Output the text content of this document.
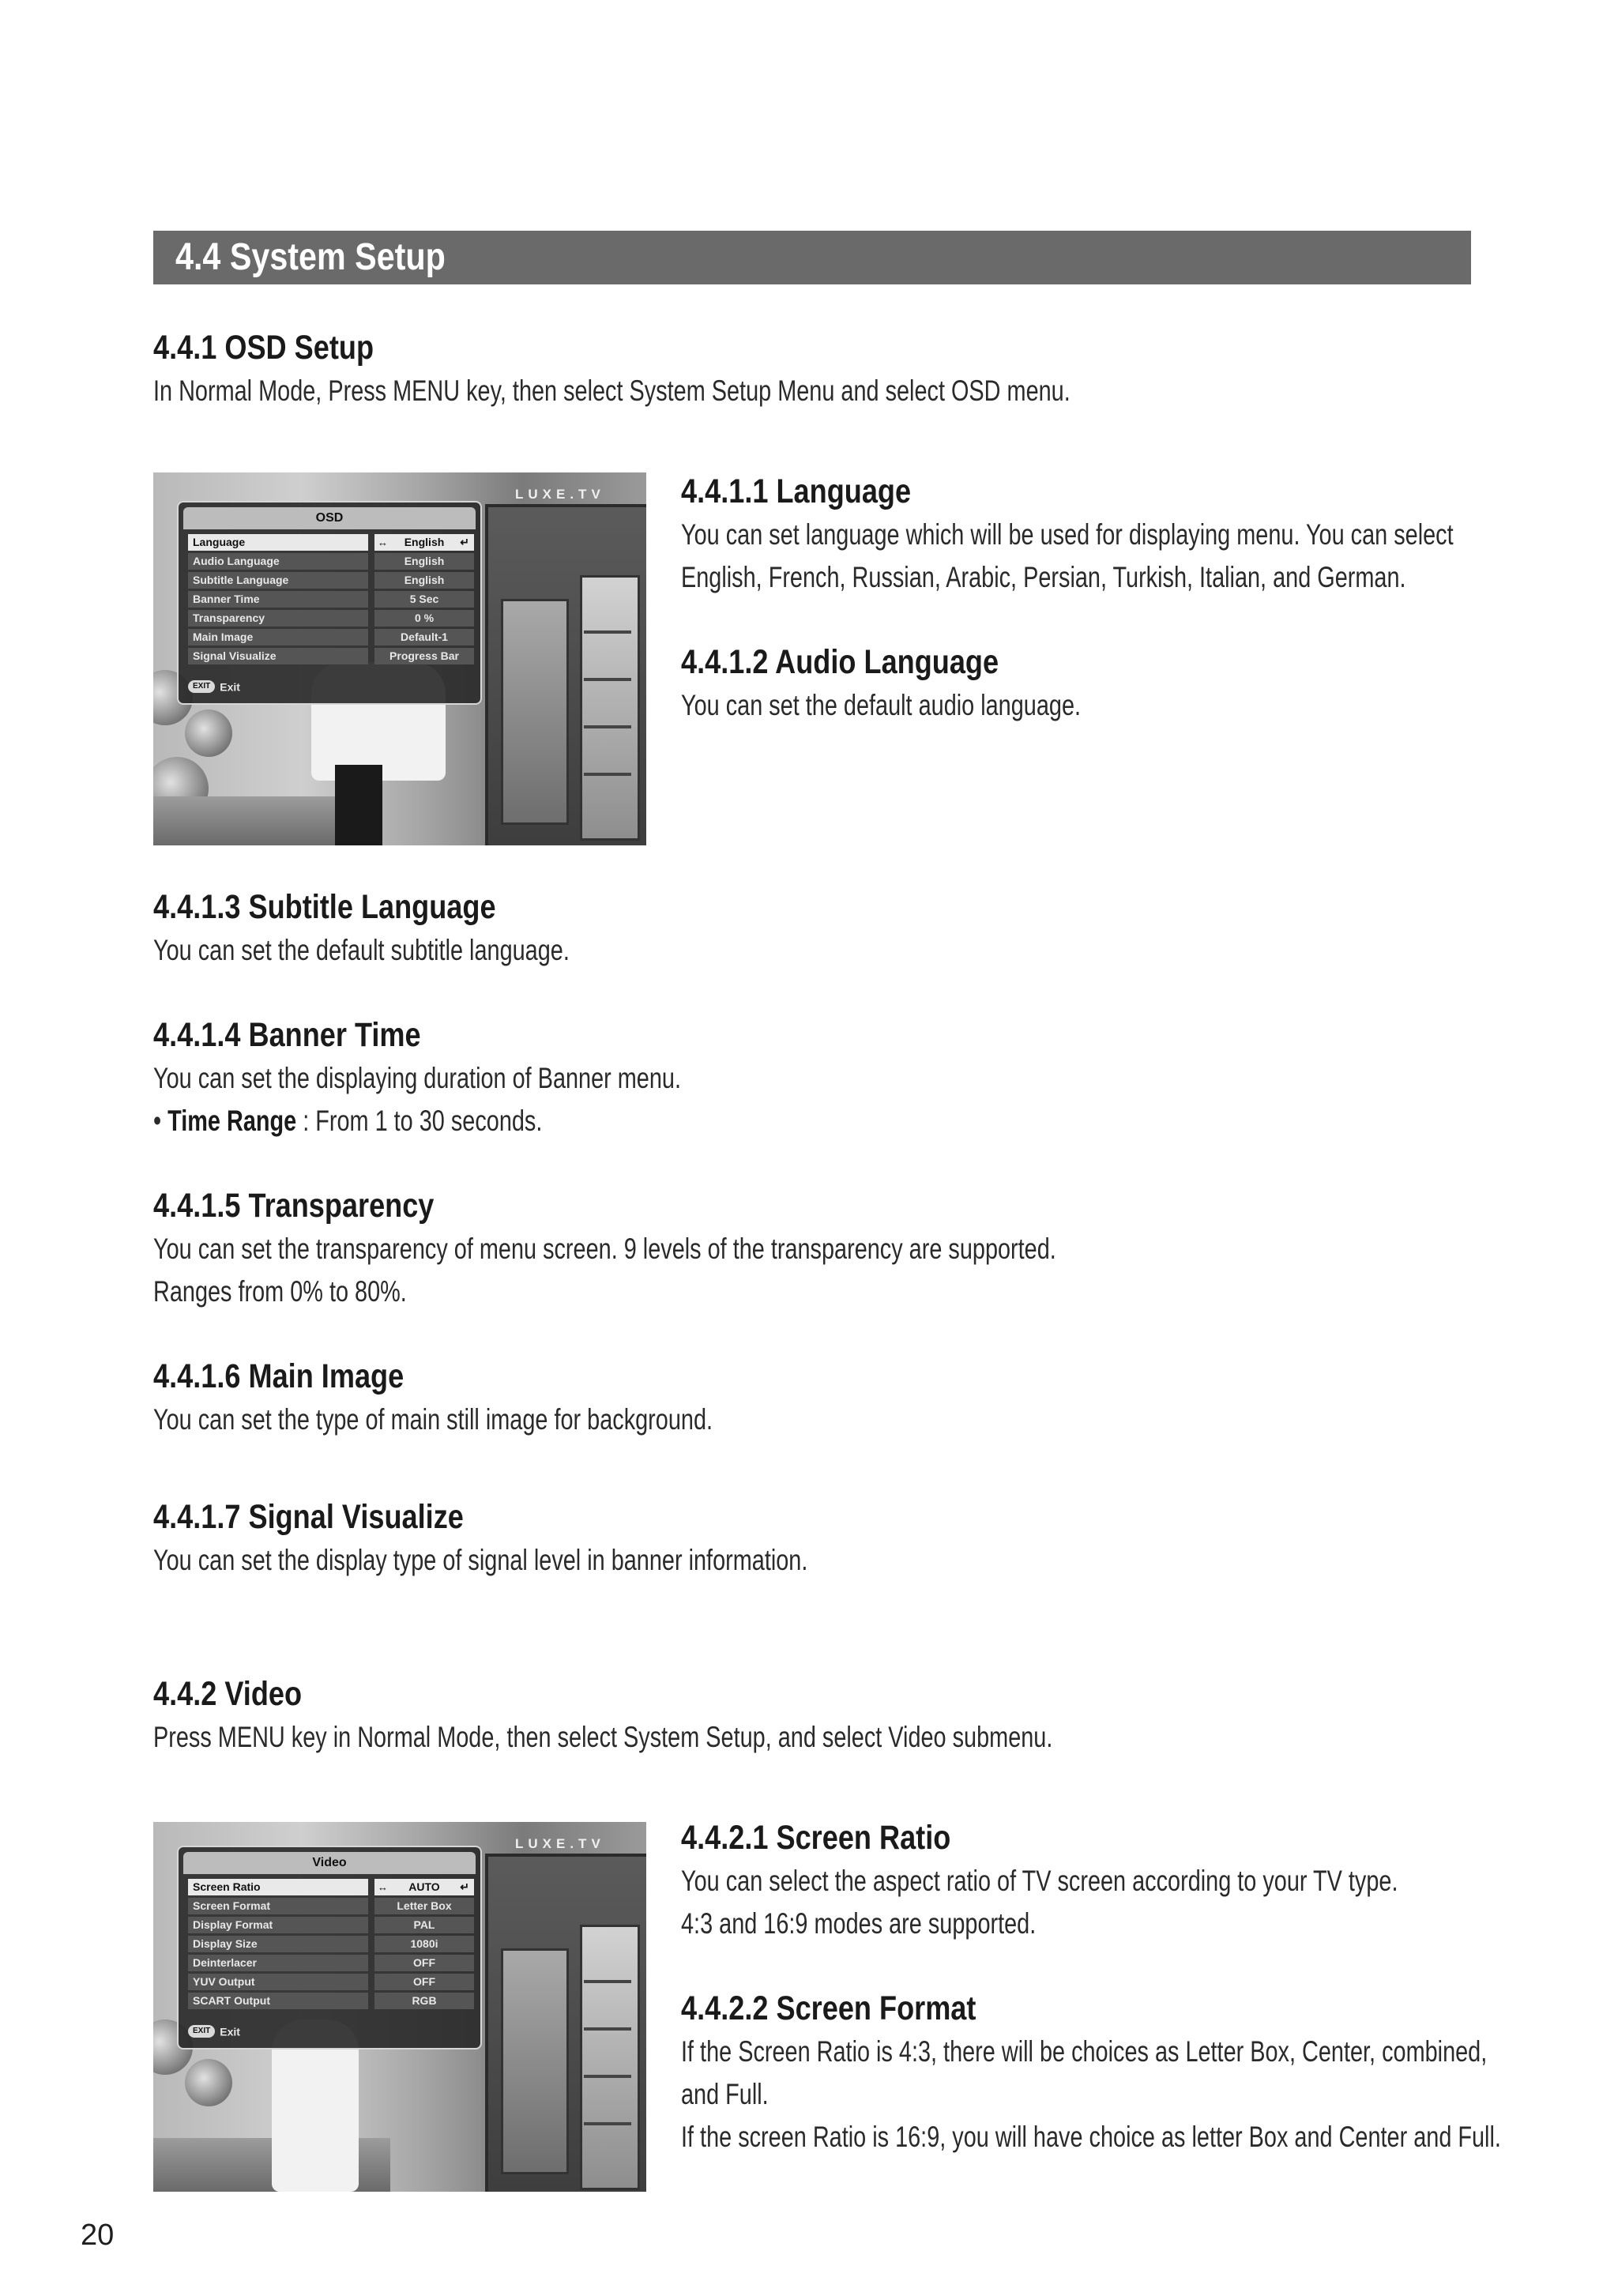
4.4 System Setup
4.4.1 OSD Setup
In Normal Mode, Press MENU key, then select System Setup Menu and select OSD menu.
LUXE.TV
OSD
Language	↔ English ↵
Audio Language	English
Subtitle Language	English
Banner Time	5 Sec
Transparency	0 %
Main Image	Default-1
Signal Visualize	Progress Bar
EXIT Exit
4.4.1.1 Language
You can set language which will be used for displaying menu. You can select
English, French, Russian, Arabic, Persian, Turkish, Italian, and German.
4.4.1.2 Audio Language
You can set the default audio language.
4.4.1.3 Subtitle Language
You can set the default subtitle language.
4.4.1.4 Banner Time
You can set the displaying duration of Banner menu.
• Time Range : From 1 to 30 seconds.
4.4.1.5 Transparency
You can set the transparency of menu screen. 9 levels of the transparency are supported.
Ranges from 0% to 80%.
4.4.1.6 Main Image
You can set the type of main still image for background.
4.4.1.7 Signal Visualize
You can set the display type of signal level in banner information.
4.4.2 Video
Press MENU key in Normal Mode, then select System Setup, and select Video submenu.
LUXE.TV
Video
Screen Ratio	↔ AUTO ↵
Screen Format	Letter Box
Display Format	PAL
Display Size	1080i
Deinterlacer	OFF
YUV Output	OFF
SCART Output	RGB
EXIT Exit
4.4.2.1 Screen Ratio
You can select the aspect ratio of TV screen according to your TV type.
4:3 and 16:9 modes are supported.
4.4.2.2 Screen Format
If the Screen Ratio is 4:3, there will be choices as Letter Box, Center, combined,
and Full.
If the screen Ratio is 16:9, you will have choice as letter Box and Center and Full.
20
